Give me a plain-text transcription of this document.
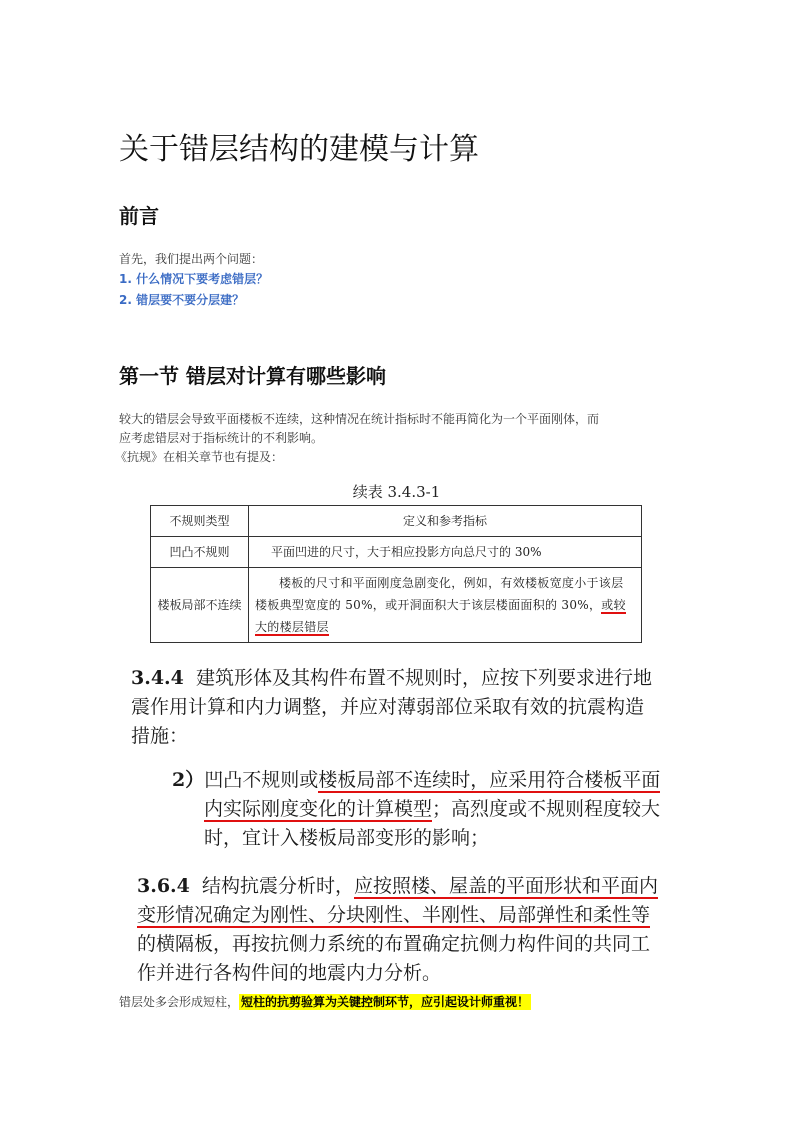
关于错层结构的建模与计算
前言
首先，我们提出两个问题：
1. 什么情况下要考虑错层？
2. 错层要不要分层建？
第一节 错层对计算有哪些影响
较大的错层会导致平面楼板不连续，这种情况在统计指标时不能再简化为一个平面刚体，而
应考虑错层对于指标统计的不利影响。
《抗规》在相关章节也有提及：
续表 3.4.3-1
不规则类型	定义和参考指标
凹凸不规则	平面凹进的尺寸，大于相应投影方向总尺寸的 30%
楼板局部不连续	楼板的尺寸和平面刚度急剧变化，例如，有效楼板宽度小于该层楼板典型宽度的 50%，或开洞面积大于该层楼面面积的 30%，或较大的楼层错层
3.4.4 建筑形体及其构件布置不规则时，应按下列要求进行地震作用计算和内力调整，并应对薄弱部位采取有效的抗震构造措施：
2）凹凸不规则或楼板局部不连续时，应采用符合楼板平面内实际刚度变化的计算模型；高烈度或不规则程度较大时，宜计入楼板局部变形的影响；
3.6.4 结构抗震分析时，应按照楼、屋盖的平面形状和平面内变形情况确定为刚性、分块刚性、半刚性、局部弹性和柔性等的横隔板，再按抗侧力系统的布置确定抗侧力构件间的共同工作并进行各构件间的地震内力分析。
错层处多会形成短柱， 短柱的抗剪验算为关键控制环节，应引起设计师重视！
